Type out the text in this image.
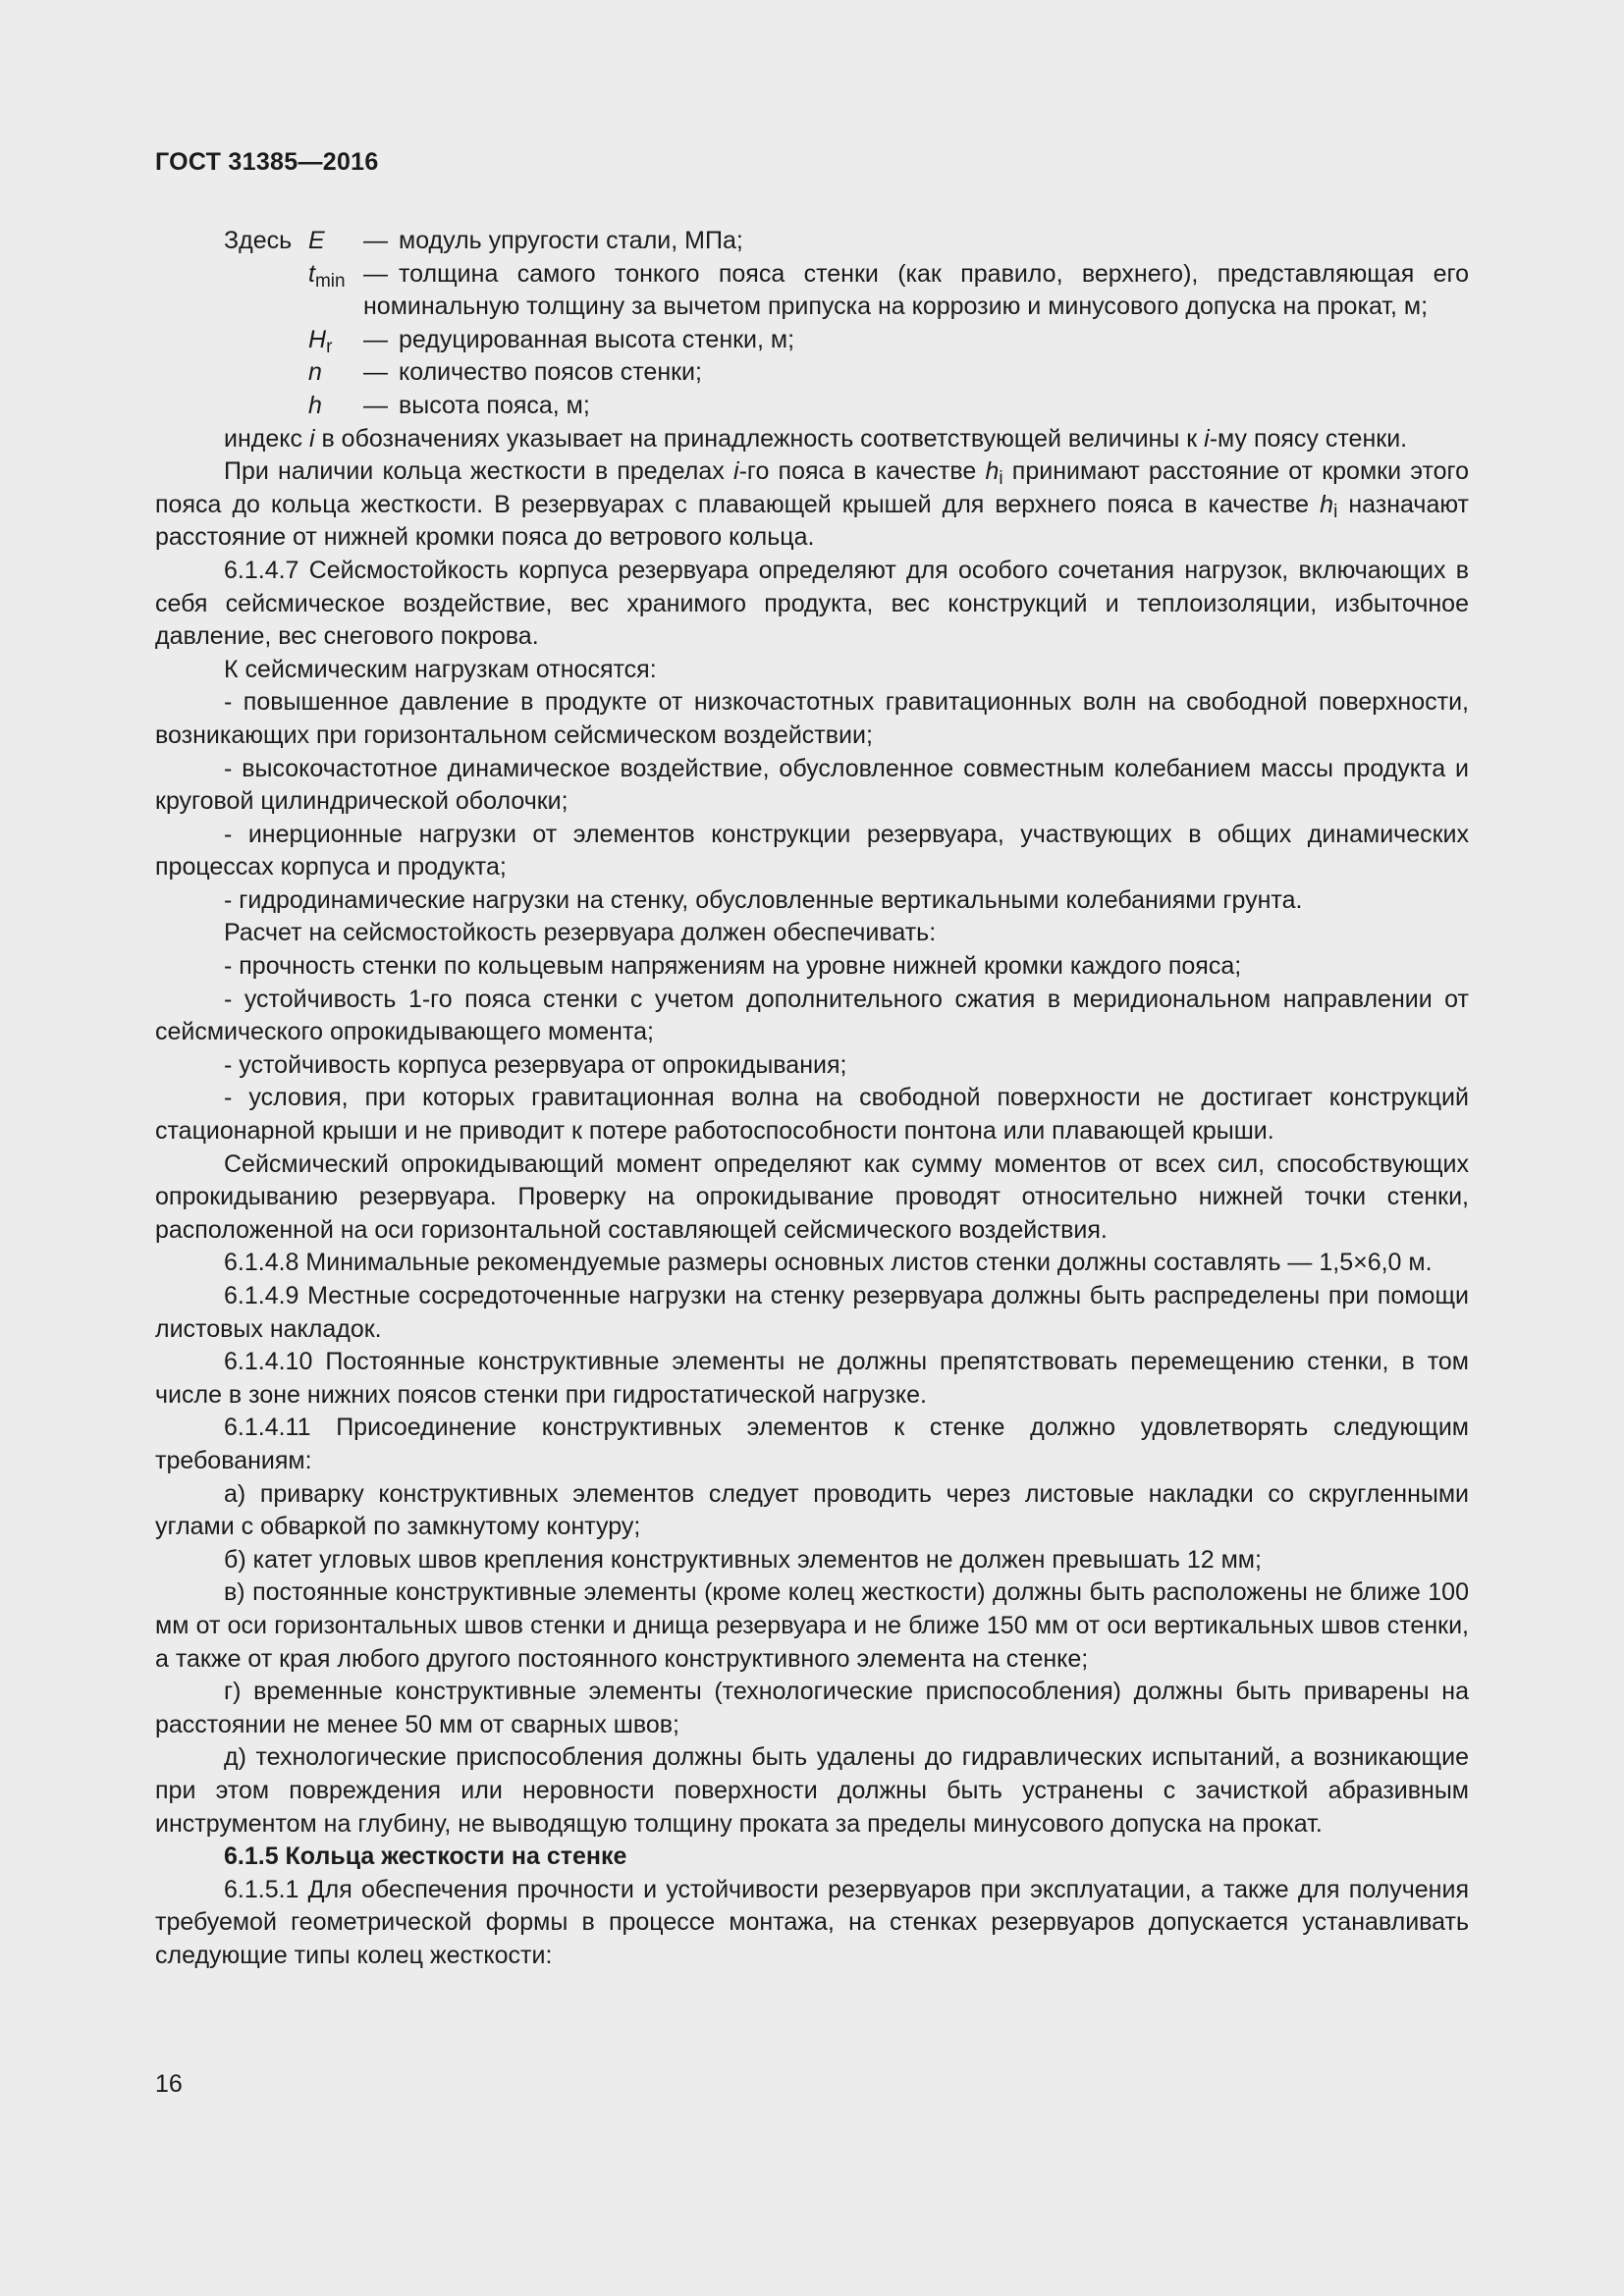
ГОСТ 31385—2016
Здесь E	— модуль упругости стали, МПа;
$t_{min}$ — толщина самого тонкого пояса стенки (как правило, верхнего), представляющая его номинальную толщину за вычетом припуска на коррозию и минусового допуска на прокат, м;
$H_r$	— редуцированная высота стенки, м;
n	— количество поясов стенки;
h	— высота пояса, м;

индекс i в обозначениях указывает на принадлежность соответствующей величины к i-му поясу стенки.

При наличии кольца жесткости в пределах i-го пояса в качестве $h_i$ принимают расстояние от кромки этого пояса до кольца жесткости. В резервуарах с плавающей крышей для верхнего пояса в качестве $h_i$ назначают расстояние от нижней кромки пояса до ветрового кольца.

6.1.4.7 Сейсмостойкость корпуса резервуара определяют для особого сочетания нагрузок, включающих в себя сейсмическое воздействие, вес хранимого продукта, вес конструкций и теплоизоляции, избыточное давление, вес снегового покрова.

К сейсмическим нагрузкам относятся:

- повышенное давление в продукте от низкочастотных гравитационных волн на свободной поверхности, возникающих при горизонтальном сейсмическом воздействии;

- высокочастотное динамическое воздействие, обусловленное совместным колебанием массы продукта и круговой цилиндрической оболочки;

- инерционные нагрузки от элементов конструкции резервуара, участвующих в общих динамических процессах корпуса и продукта;

- гидродинамические нагрузки на стенку, обусловленные вертикальными колебаниями грунта.

Расчет на сейсмостойкость резервуара должен обеспечивать:

- прочность стенки по кольцевым напряжениям на уровне нижней кромки каждого пояса;

- устойчивость 1-го пояса стенки с учетом дополнительного сжатия в меридиональном направлении от сейсмического опрокидывающего момента;

- устойчивость корпуса резервуара от опрокидывания;

- условия, при которых гравитационная волна на свободной поверхности не достигает конструкций стационарной крыши и не приводит к потере работоспособности понтона или плавающей крыши.

Сейсмический опрокидывающий момент определяют как сумму моментов от всех сил, способствующих опрокидыванию резервуара. Проверку на опрокидывание проводят относительно нижней точки стенки, расположенной на оси горизонтальной составляющей сейсмического воздействия.

6.1.4.8 Минимальные рекомендуемые размеры основных листов стенки должны составлять — 1,5×6,0 м.

6.1.4.9 Местные сосредоточенные нагрузки на стенку резервуара должны быть распределены при помощи листовых накладок.

6.1.4.10 Постоянные конструктивные элементы не должны препятствовать перемещению стенки, в том числе в зоне нижних поясов стенки при гидростатической нагрузке.

6.1.4.11 Присоединение конструктивных элементов к стенке должно удовлетворять следующим требованиям:

а) приварку конструктивных элементов следует проводить через листовые накладки со скругленными углами с обваркой по замкнутому контуру;

б) катет угловых швов крепления конструктивных элементов не должен превышать 12 мм;

в) постоянные конструктивные элементы (кроме колец жесткости) должны быть расположены не ближе 100 мм от оси горизонтальных швов стенки и днища резервуара и не ближе 150 мм от оси вертикальных швов стенки, а также от края любого другого постоянного конструктивного элемента на стенке;

г) временные конструктивные элементы (технологические приспособления) должны быть приварены на расстоянии не менее 50 мм от сварных швов;

д) технологические приспособления должны быть удалены до гидравлических испытаний, а возникающие при этом повреждения или неровности поверхности должны быть устранены с зачисткой абразивным инструментом на глубину, не выводящую толщину проката за пределы минусового допуска на прокат.

6.1.5 Кольца жесткости на стенке

6.1.5.1 Для обеспечения прочности и устойчивости резервуаров при эксплуатации, а также для получения требуемой геометрической формы в процессе монтажа, на стенках резервуаров допускается устанавливать следующие типы колец жесткости:

16
